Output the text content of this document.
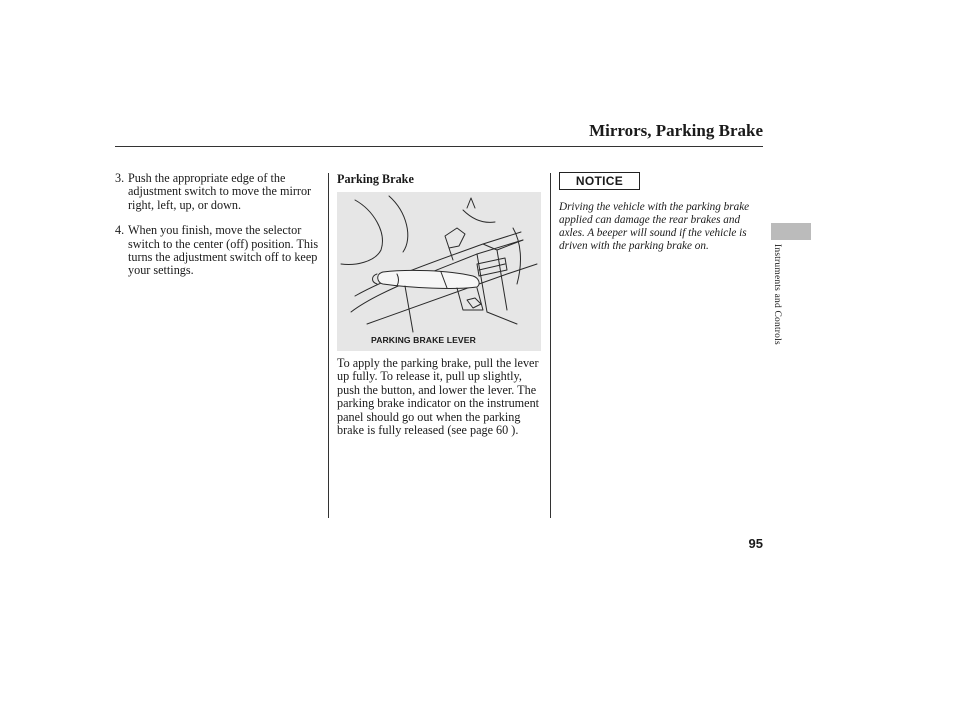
Mirrors, Parking Brake
3. Push the appropriate edge of the adjustment switch to move the mirror right, left, up, or down.
4. When you finish, move the selector switch to the center (off) position. This turns the adjustment switch off to keep your settings.
Parking Brake
PARKING BRAKE LEVER

To apply the parking brake, pull the lever up fully. To release it, pull up slightly, push the button, and lower the lever. The parking brake indicator on the instrument panel should go out when the parking brake is fully released (see page 60 ).

NOTICE

Driving the vehicle with the parking brake applied can damage the rear brakes and axles. A beeper will sound if the vehicle is driven with the parking brake on.	Instruments and Controls
95
